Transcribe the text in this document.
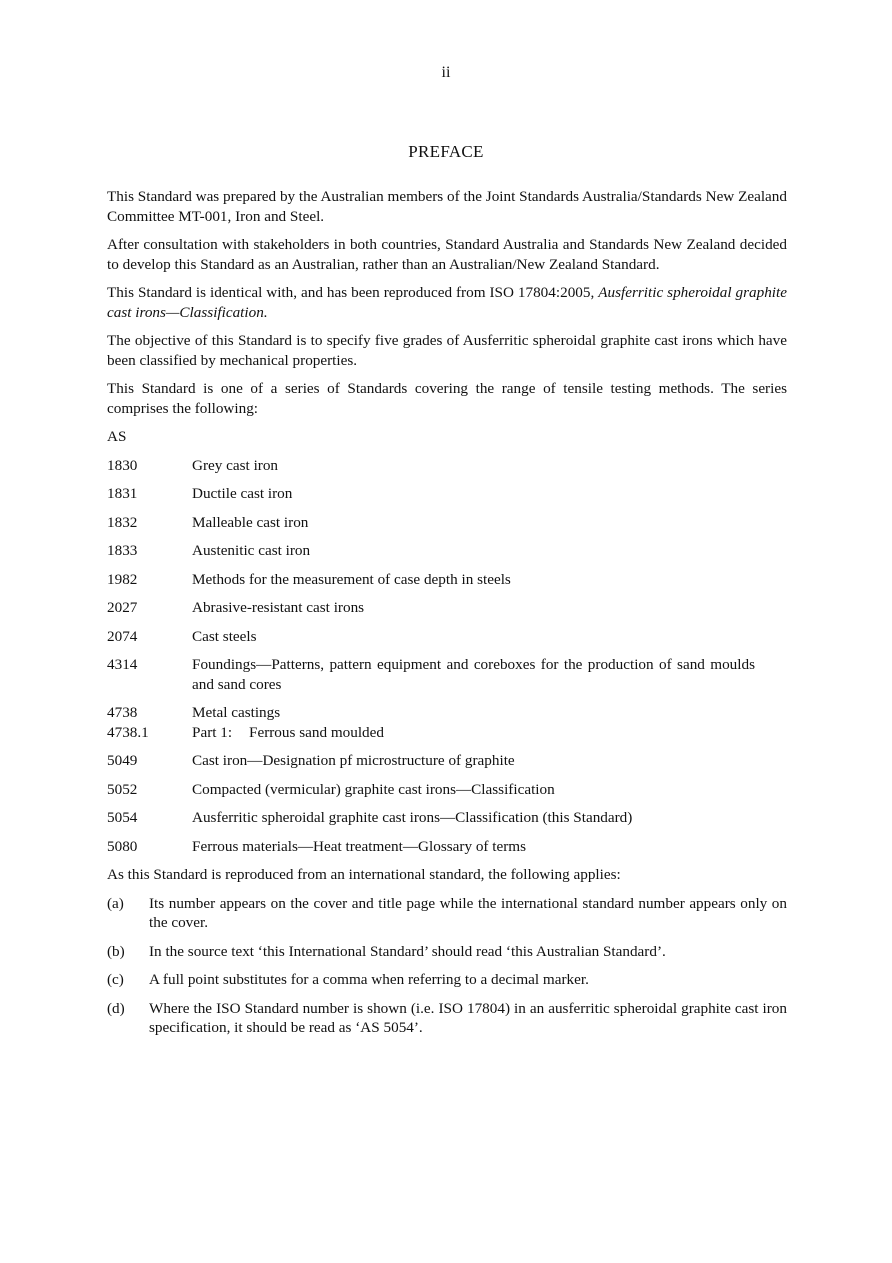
ii
PREFACE

This Standard was prepared by the Australian members of the Joint Standards Australia/Standards New Zealand Committee MT-001, Iron and Steel.

After consultation with stakeholders in both countries, Standard Australia and Standards New Zealand decided to develop this Standard as an Australian, rather than an Australian/New Zealand Standard.

This Standard is identical with, and has been reproduced from ISO 17804:2005, Ausferritic spheroidal graphite cast irons—Classification.

The objective of this Standard is to specify five grades of Ausferritic spheroidal graphite cast irons which have been classified by mechanical properties.

This Standard is one of a series of Standards covering the range of tensile testing methods. The series comprises the following:

AS
1830	Grey cast iron
1831	Ductile cast iron
1832	Malleable cast iron
1833	Austenitic cast iron
1982	Methods for the measurement of case depth in steels
2027	Abrasive-resistant cast irons
2074	Cast steels
4314	Foundings—Patterns, pattern equipment and coreboxes for the production of sand moulds and sand cores
4738	Metal castings
4738.1	Part 1: Ferrous sand moulded
5049	Cast iron—Designation pf microstructure of graphite
5052	Compacted (vermicular) graphite cast irons—Classification
5054	Ausferritic spheroidal graphite cast irons—Classification (this Standard)
5080	Ferrous materials—Heat treatment—Glossary of terms

As this Standard is reproduced from an international standard, the following applies:

(a)	Its number appears on the cover and title page while the international standard number appears only on the cover.
(b)	In the source text ‘this International Standard’ should read ‘this Australian Standard’.
(c)	A full point substitutes for a comma when referring to a decimal marker.
(d)	Where the ISO Standard number is shown (i.e. ISO 17804) in an ausferritic spheroidal graphite cast iron specification, it should be read as ‘AS 5054’.
